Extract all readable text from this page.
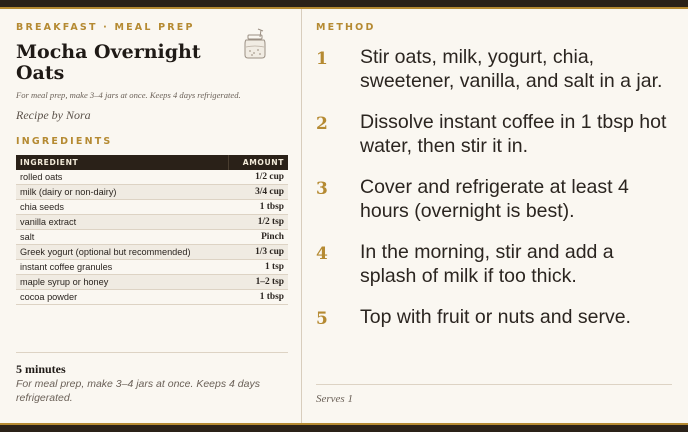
BREAKFAST · MEAL PREP
Mocha Overnight Oats
For meal prep, make 3–4 jars at once. Keeps 4 days refrigerated.
Recipe by Nora
INGREDIENTS
INGREDIENT	AMOUNT
rolled oats	1/2 cup
milk (dairy or non-dairy)	3/4 cup
chia seeds	1 tbsp
vanilla extract	1/2 tsp
salt	Pinch
Greek yogurt (optional but recommended)	1/3 cup
instant coffee granules	1 tsp
maple syrup or honey	1–2 tsp
cocoa powder	1 tbsp
5 minutes
For meal prep, make 3–4 jars at once. Keeps 4 days refrigerated.
METHOD
1	Stir oats, milk, yogurt, chia, sweetener, vanilla, and salt in a jar.
2	Dissolve instant coffee in 1 tbsp hot water, then stir it in.
3	Cover and refrigerate at least 4 hours (overnight is best).
4	In the morning, stir and add a splash of milk if too thick.
5	Top with fruit or nuts and serve.
Serves 1
